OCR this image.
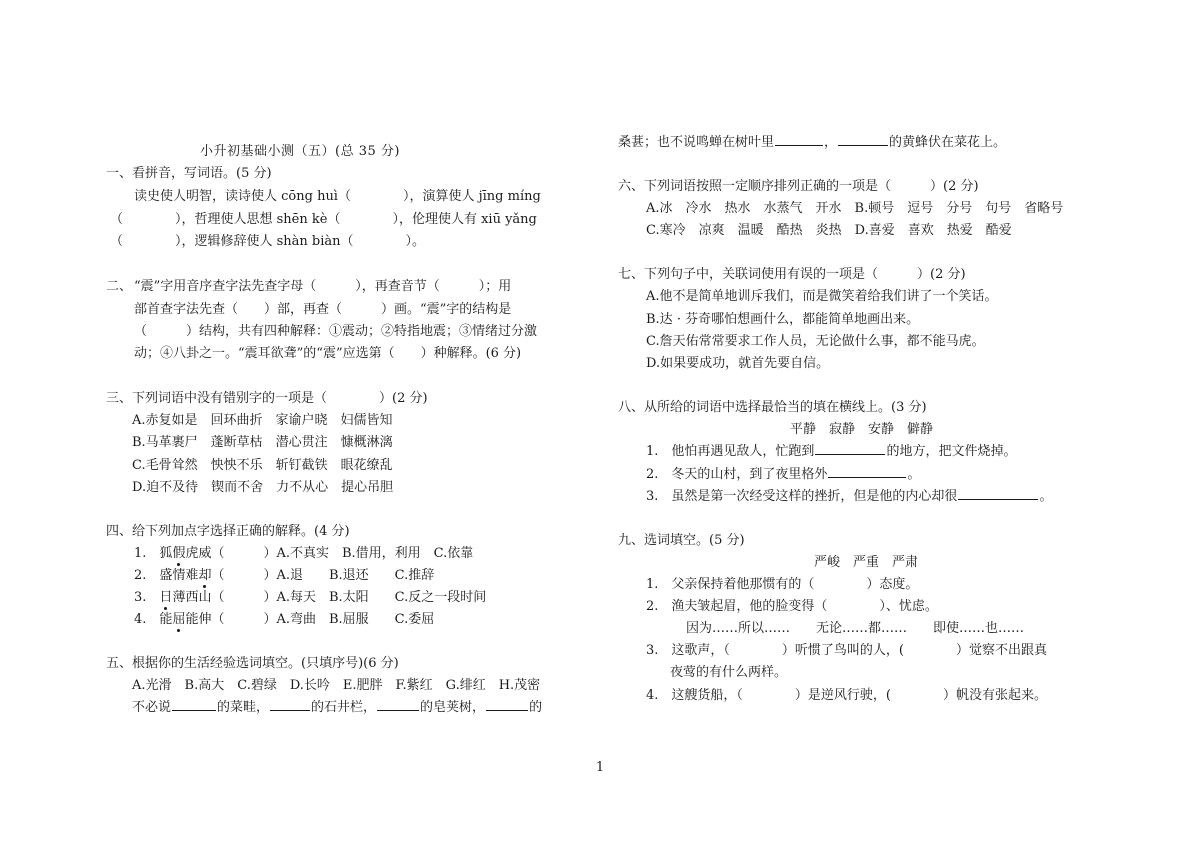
小升初基础小测（五）(总 35 分)
一、看拼音，写词语。(5 分)
读史使人明智，读诗使人 cōng huì（　　　　），演算使人 jīng míng
（　　　　），哲理使人思想 shēn kè（　　　　），伦理使人有 xiū yǎng
（　　　　），逻辑修辞使人 shàn biàn（　　　　）。
二、 “震”字用音序查字法先查字母（　　　），再查音节（　　　）；用
部首查字法先查（　　）部，再查（　　　）画。“震”字的结构是
（　　　）结构，共有四种解释：①震动；②特指地震；③情绪过分激
动；④八卦之一。“震耳欲聋”的“震”应选第（　　）种解释。(6 分)
三、下列词语中没有错别字的一项是（　　　　）(2 分)
A.赤复如是　回环曲折　家谕户晓　妇儒皆知
B.马革裹尸　蓬断草枯　潜心贯注　慷概淋漓
C.毛骨耸然　怏怏不乐　斩钉截铁　眼花缭乱
D.迫不及待　锲而不舍　力不从心　提心吊胆
四、给下列加点字选择正确的解释。(4 分)
1.　 狐假虎威（　　　）A.不真实　B.借用，利用　C.依靠
2.　 盛情难却（　　　）A.退　　B.退还　　C.推辞
3.　 日薄西山（　　　）A.每天　B.太阳　　C.反之一段时间
4.　 能屈能伸（　　　）A.弯曲　B.屈服　　C.委屈
五、根据你的生活经验选词填空。(只填序号)(6 分)
A.光滑　B.高大　C.碧绿　D.长吟　E.肥胖　F.紫红　G.绯红　H.茂密
不必说	的菜畦，	的石井栏，	的皂荚树，	的
桑葚；也不说鸣蝉在树叶里	，	的黄蜂伏在菜花上。
六、下列词语按照一定顺序排列正确的一项是（　　　）(2 分)
A.冰　冷水　热水　水蒸气　开水　B.顿号　逗号　分号　句号　省略号
C.寒冷　凉爽　温暖　酷热　炎热　D.喜爱　喜欢　热爱　酷爱
七、下列句子中，关联词使用有误的一项是（　　　）(2 分)
A.他不是简单地训斥我们，而是微笑着给我们讲了一个笑话。
B.达 · 芬奇哪怕想画什么，都能简单地画出来。
C.詹天佑常常要求工作人员，无论做什么事，都不能马虎。
D.如果要成功，就首先要自信。
八、从所给的词语中选择最恰当的填在横线上。(3 分)
平静　寂静　安静　僻静
1.　 他怕再遇见敌人，忙跑到	的地方，把文件烧掉。
2.　 冬天的山村，到了夜里格外	。
3.　 虽然是第一次经受这样的挫折，但是他的内心却很	。
九、选词填空。(5 分)
严峻　严重　严肃
1.　 父亲保持着他那惯有的（　　　　）态度。
2.　 渔夫皱起眉，他的脸变得（　　　　）、忧虑。
因为……所以……　　无论……都……　　即使……也……
3.　 这歌声，（　　　　）听惯了鸟叫的人，(　　　　）觉察不出跟真
夜莺的有什么两样。
4.　 这艘货船，（　　　　）是逆风行驶，(　　　　）帆没有张起来。
1
